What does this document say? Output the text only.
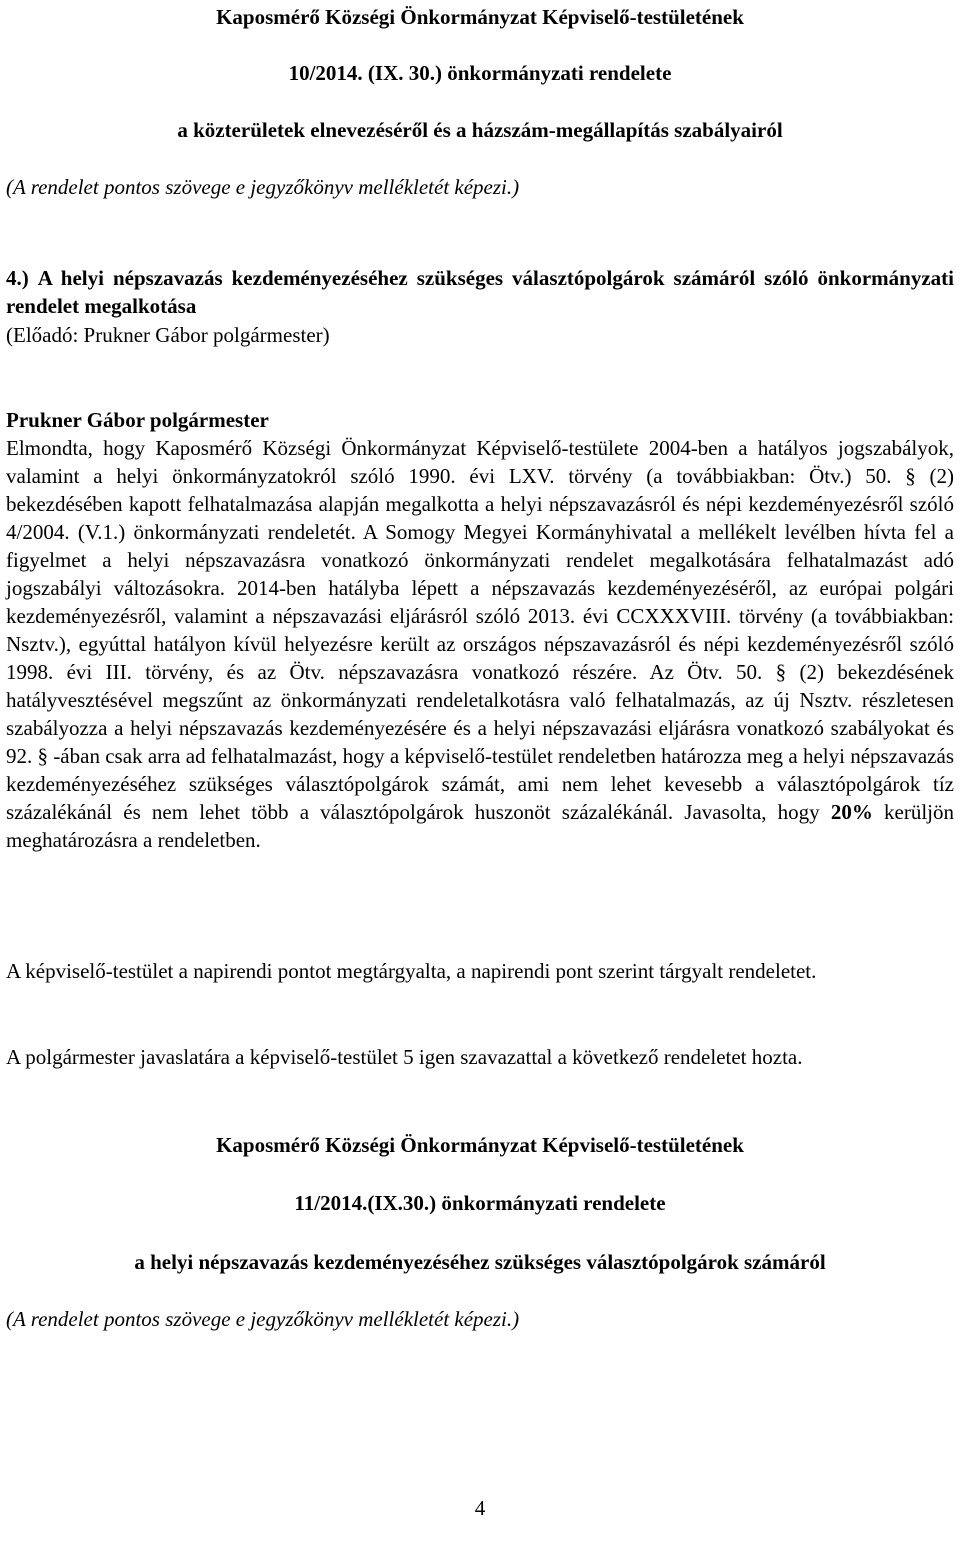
Kaposmérő Községi Önkormányzat Képviselő-testületének
10/2014. (IX. 30.) önkormányzati rendelete
a közterületek elnevezéséről és a házszám-megállapítás szabályairól
(A rendelet pontos szövege e jegyzőkönyv mellékletét képezi.)
4.) A helyi népszavazás kezdeményezéséhez szükséges választópolgárok számáról szóló önkormányzati rendelet megalkotása
(Előadó: Prukner Gábor polgármester)
Prukner Gábor polgármester
Elmondta, hogy Kaposmérő Községi Önkormányzat Képviselő-testülete 2004-ben a hatályos jogszabályok, valamint a helyi önkormányzatokról szóló 1990. évi LXV. törvény (a továbbiakban: Ötv.) 50. § (2) bekezdésében kapott felhatalmazása alapján megalkotta a helyi népszavazásról és népi kezdeményezésről szóló 4/2004. (V.1.) önkormányzati rendeletét. A Somogy Megyei Kormányhivatal a mellékelt levélben hívta fel a figyelmet a helyi népszavazásra vonatkozó önkormányzati rendelet megalkotására felhatalmazást adó jogszabályi változásokra. 2014-ben hatályba lépett a népszavazás kezdeményezéséről, az európai polgári kezdeményezésről, valamint a népszavazási eljárásról szóló 2013. évi CCXXXVIII. törvény (a továbbiakban: Nsztv.), egyúttal hatályon kívül helyezésre került az országos népszavazásról és népi kezdeményezésről szóló 1998. évi III. törvény, és az Ötv. népszavazásra vonatkozó részére. Az Ötv. 50. § (2) bekezdésének hatályvesztésével megszűnt az önkormányzati rendeletalkotásra való felhatalmazás, az új Nsztv. részletesen szabályozza a helyi népszavazás kezdeményezésére és a helyi népszavazási eljárásra vonatkozó szabályokat és 92. § -ában csak arra ad felhatalmazást, hogy a képviselő-testület rendeletben határozza meg a helyi népszavazás kezdeményezéséhez szükséges választópolgárok számát, ami nem lehet kevesebb a választópolgárok tíz százalékánál és nem lehet több a választópolgárok huszonöt százalékánál. Javasolta, hogy 20% kerüljön meghatározásra a rendeletben.
A képviselő-testület a napirendi pontot megtárgyalta, a napirendi pont szerint tárgyalt rendeletet.
A polgármester javaslatára a képviselő-testület 5 igen szavazattal a következő rendeletet hozta.
Kaposmérő Községi Önkormányzat Képviselő-testületének
11/2014.(IX.30.) önkormányzati rendelete
a helyi népszavazás kezdeményezéséhez szükséges választópolgárok számáról
(A rendelet pontos szövege e jegyzőkönyv mellékletét képezi.)
4
